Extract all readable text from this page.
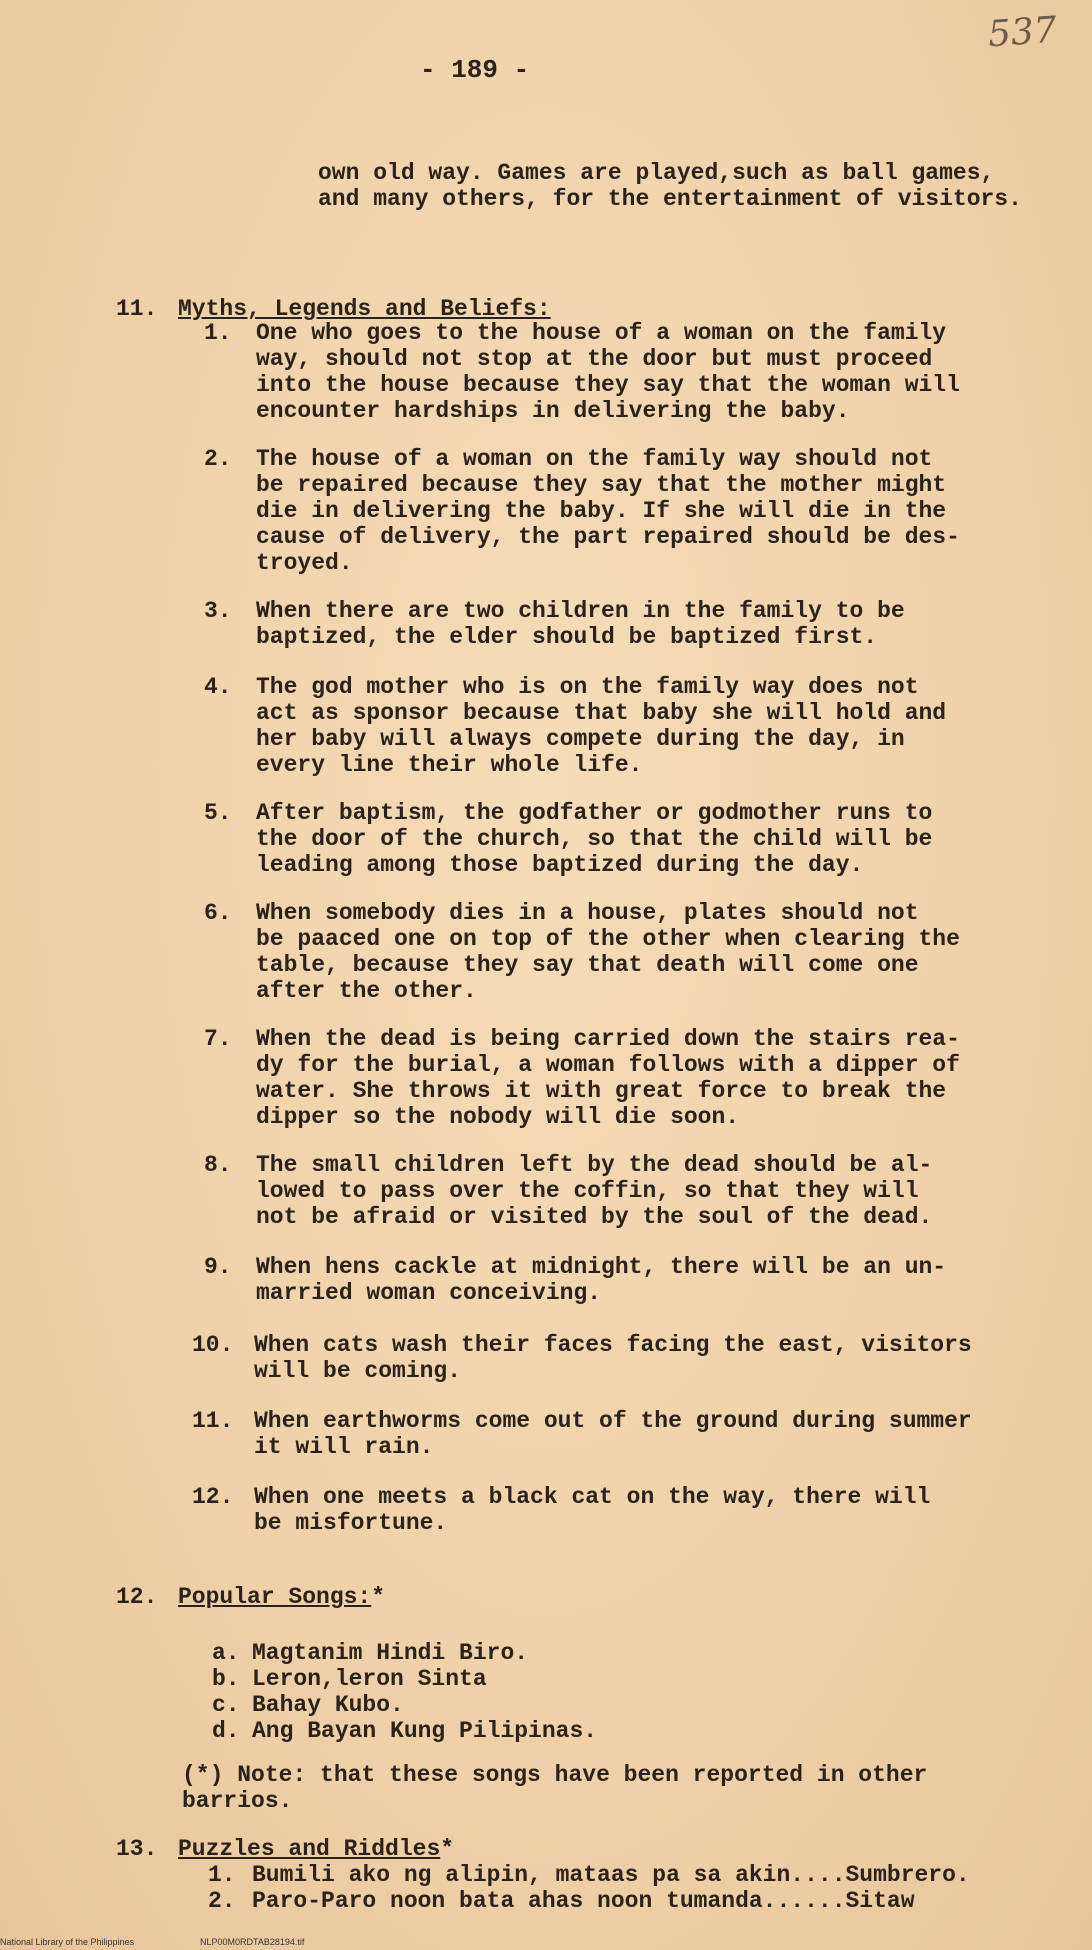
- 189 -
537

own old way. Games are played,such as ball games, and many others, for the entertainment of visitors.

11. Myths, Legends and Beliefs:
1. One who goes to the house of a woman on the family
way, should not stop at the door but must proceed
into the house because they say that the woman will
encounter hardships in delivering the baby.
2. The house of a woman on the family way should not
be repaired because they say that the mother might
die in delivering the baby. If she will die in the
cause of delivery, the part repaired should be des-
troyed.
3. When there are two children in the family to be
baptized, the elder should be baptized first.
4. The god mother who is on the family way does not
act as sponsor because that baby she will hold and
her baby will always compete during the day, in
every line their whole life.
5. After baptism, the godfather or godmother runs to
the door of the church, so that the child will be
leading among those baptized during the day.
6. When somebody dies in a house, plates should not
be paaced one on top of the other when clearing the
table, because they say that death will come one
after the other.
7. When the dead is being carried down the stairs rea-
dy for the burial, a woman follows with a dipper of
water. She throws it with great force to break the
dipper so the nobody will die soon.
8. The small children left by the dead should be al-
lowed to pass over the coffin, so that they will
not be afraid or visited by the soul of the dead.
9. When hens cackle at midnight, there will be an un-
married woman conceiving.
10. When cats wash their faces facing the east, visitors
will be coming.
11. When earthworms come out of the ground during summer
it will rain.
12. When one meets a black cat on the way, there will
be misfortune.
12. Popular Songs:*
a. Magtanim Hindi Biro.
b. Leron,leron Sinta
c. Bahay Kubo.
d. Ang Bayan Kung Pilipinas.
(*) Note: that these songs have been reported in other
barrios.
13. Puzzles and Riddles*
1. Bumili ako ng alipin, mataas pa sa akin....Sumbrero.
2. Paro-Paro noon bata ahas noon tumanda......Sitaw
National Library of the Philippines	NLP00M0RDTAB28194.tif
